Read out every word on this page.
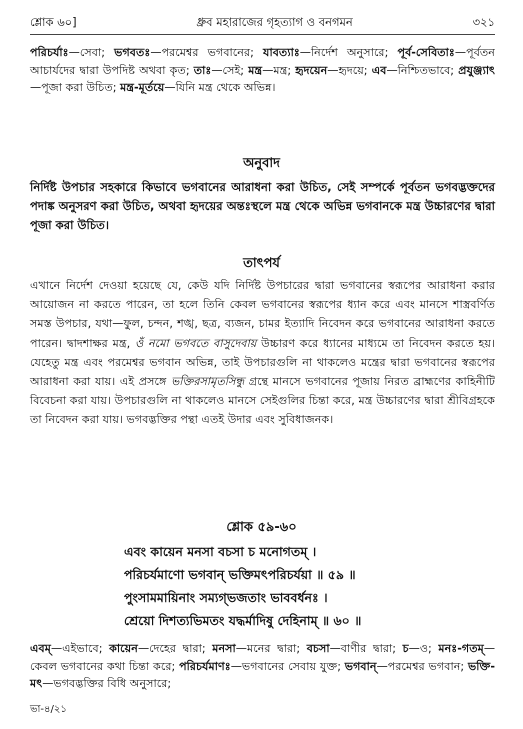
শ্লোক ৬০]	ধ্রুব মহারাজের গৃহত্যাগ ও বনগমন	৩২১
পরিচর্যাঃ—সেবা; ভগবতঃ—পরমেশ্বর ভগবানের; যাবত্যাঃ—নির্দেশ অনুসারে; পূর্ব-সেবিতাঃ—পূর্বতন আচার্যদের দ্বারা উপদিষ্ট অথবা কৃত; তাঃ—সেই; মন্ত্র—মন্ত্র; হৃদয়েন—হৃদয়ে; এব—নিশ্চিতভাবে; প্রযুঞ্জ্যাৎ—পূজা করা উচিত; মন্ত্র-মূর্তয়ে—যিনি মন্ত্র থেকে অভিন্ন।
অনুবাদ
নির্দিষ্ট উপচার সহকারে কিভাবে ভগবানের আরাধনা করা উচিত, সেই সম্পর্কে পূর্বতন ভগবদ্ভক্তদের পদাঙ্ক অনুসরণ করা উচিত, অথবা হৃদয়ের অন্তঃস্থলে মন্ত্র থেকে অভিন্ন ভগবানকে মন্ত্র উচ্চারণের দ্বারা পূজা করা উচিত।
তাৎপর্য
এখানে নির্দেশ দেওয়া হয়েছে যে, কেউ যদি নির্দিষ্ট উপচারের দ্বারা ভগবানের স্বরূপের আরাধনা করার আয়োজন না করতে পারেন, তা হলে তিনি কেবল ভগবানের স্বরূপের ধ্যান করে এবং মানসে শাস্ত্রবর্ণিত সমস্ত উপচার, যথা—ফুল, চন্দন, শঙ্খ, ছত্র, ব্যজন, চামর ইত্যাদি নিবেদন করে ভগবানের আরাধনা করতে পারেন। দ্বাদশাক্ষর মন্ত্র, ওঁ নমো ভগবতে বাসুদেবায় উচ্চারণ করে ধ্যানের মাধ্যমে তা নিবেদন করতে হয়। যেহেতু মন্ত্র এবং পরমেশ্বর ভগবান অভিন্ন, তাই উপচারগুলি না থাকলেও মন্ত্রের দ্বারা ভগবানের স্বরূপের আরাধনা করা যায়। এই প্রসঙ্গে ভক্তিরসামৃতসিন্ধু গ্রন্থে মানসে ভগবানের পূজায় নিরত ব্রাহ্মণের কাহিনীটি বিবেচনা করা যায়। উপচারগুলি না থাকলেও মানসে সেইগুলির চিন্তা করে, মন্ত্র উচ্চারণের দ্বারা শ্রীবিগ্রহকে তা নিবেদন করা যায়। ভগবদ্ভক্তির পন্থা এতই উদার এবং সুবিধাজনক।
শ্লোক ৫৯-৬০
এবং কায়েন মনসা বচসা চ মনোগতম্ ।
পরিচর্যমাণো ভগবান্ ভক্তিমৎপরিচর্যয়া ॥ ৫৯ ॥
পুংসামমায়িনাং সম্যগ্ভজতাং ভাববর্ধনঃ ।
শ্রেয়ো দিশত্যভিমতং যদ্ধর্মাদিষু দেহিনাম্ ॥ ৬০ ॥
এবম্—এইভাবে; কায়েন—দেহের দ্বারা; মনসা—মনের দ্বারা; বচসা—বাণীর দ্বারা; চ—ও; মনঃ-গতম্—কেবল ভগবানের কথা চিন্তা করে; পরিচর্যমাণঃ—ভগবানের সেবায় যুক্ত; ভগবান্—পরমেশ্বর ভগবান; ভক্তি-মৎ—ভগবদ্ভক্তির বিধি অনুসারে;
ভা-৪/২১
